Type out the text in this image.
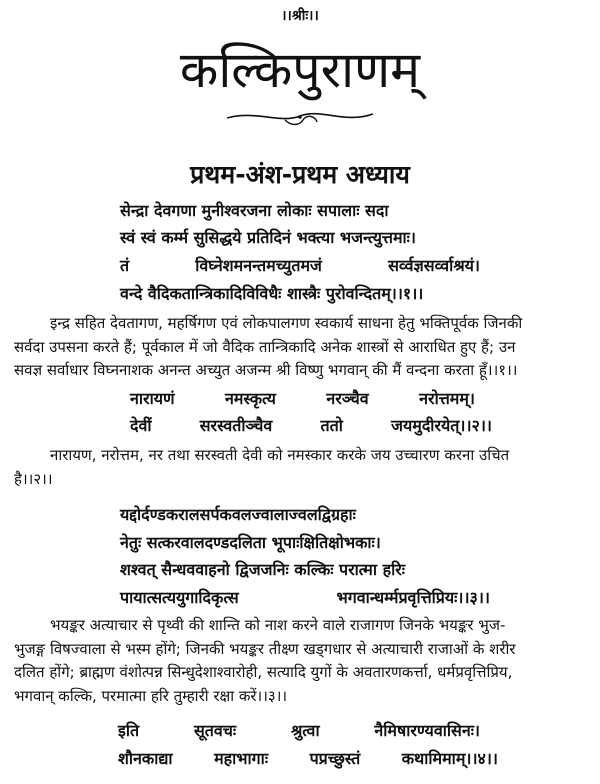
।।श्रीः।।
कल्किपुराणम्
प्रथम-अंश-प्रथम अध्याय
सेन्द्रा देवगणा मुनीश्वरजना लोकाः सपालाः सदा
स्वं स्वं कर्म्म सुसिद्धये प्रतिदिनं भक्त्या भजन्त्युत्तमाः।
तं	विघ्नेशमनन्तमच्युतमजं	सर्व्वज्ञसर्व्वाश्रयं।
वन्दे वैदिकतान्त्रिकादिविविधैः शास्त्रैः पुरोवन्दितम्।।१।।
इन्द्र सहित देवतागण, महर्षिगण एवं लोकपालगण स्वकार्य साधना हेतु भक्तिपूर्वक जिनकी
सर्वदा उपसना करते हैं; पूर्वकाल में जो वैदिक तान्त्रिकादि अनेक शास्त्रों से आराधित हुए हैं; उन
सवज्ञ सर्वाधार विघ्ननाशक अनन्त अच्युत अजन्म श्री विष्णु भगवान् की मैं वन्दना करता हूँ।।१।।
नारायणं	नमस्कृत्य	नरञ्चैव	नरोत्तमम्।
देवीं	सरस्वतीञ्चैव	ततो	जयमुदीरयेत्।।२।।
नारायण, नरोत्तम, नर तथा सरस्वती देवी को नमस्कार करके जय उच्चारण करना उचित
है।।२।।
यद्दोर्दण्डकरालसर्पकवलज्वालाज्वलद्विग्रहाः
नेतुः सत्करवालदण्डदलिता भूपाःक्षितिक्षोभकाः।
शश्वत् सैन्धववाहनो द्विजजनिः कल्किः परात्मा हरिः
पायात्सत्ययुगादिकृत्स	भगवान्धर्म्मप्रवृत्तिप्रियः।।३।।
भयङ्कर अत्याचार से पृथ्वी की शान्ति को नाश करने वाले राजागण जिनके भयङ्कर भुज-
भुजङ्ग विषज्वाला से भस्म होंगे; जिनकी भयङ्कर तीक्ष्ण खड्गधार से अत्याचारी राजाओं के शरीर
दलित होंगे; ब्राह्मण वंशोत्पन्न सिन्धुदेशाश्वारोही, सत्यादि युगों के अवतारणकर्त्ता, धर्मप्रवृत्तिप्रिय,
भगवान् कल्कि, परमात्मा हरि तुम्हारी रक्षा करें।।३।।
इति	सूतवचः	श्रुत्वा	नैमिषारण्यवासिनः।
शौनकाद्या	महाभागाः	पप्रच्छुस्तं	कथामिमाम्।।४।।
